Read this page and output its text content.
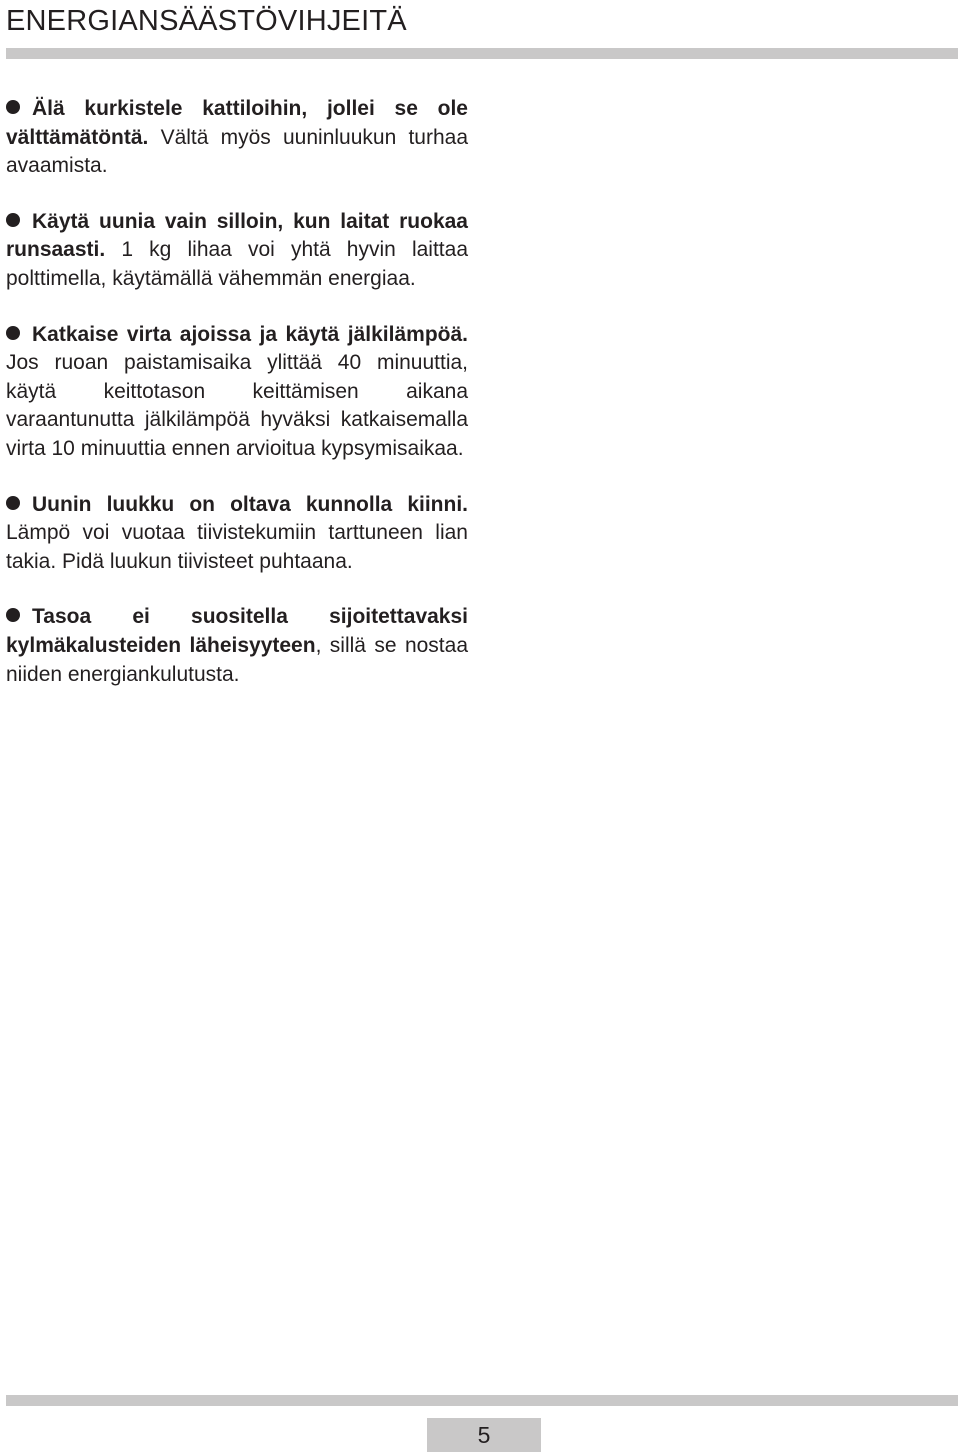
ENERGIANSÄÄSTÖVIHJEITÄ

Älä kurkistele kattiloihin, jollei se ole välttämätöntä. Vältä myös uuninluukun turhaa avaamista.

Käytä uunia vain silloin, kun laitat ruokaa runsaasti. 1 kg lihaa voi yhtä hyvin laittaa polttimella, käytämällä vähemmän energiaa.

Katkaise virta ajoissa ja käytä jälkilämpöä. Jos ruoan paistamisaika ylittää 40 minuuttia, käytä keittotason keittämisen aikana varaantunutta jälkilämpöä hyväksi katkaisemalla virta 10 minuuttia ennen arvioitua kypsymisaikaa.

Uunin luukku on oltava kunnolla kiinni. Lämpö voi vuotaa tiivistekumiin tarttuneen lian takia. Pidä luukun tiivisteet puhtaana.

Tasoa ei suositella sijoitettavaksi kylmäkalusteiden läheisyyteen, sillä se nostaa niiden energiankulutusta.

5
